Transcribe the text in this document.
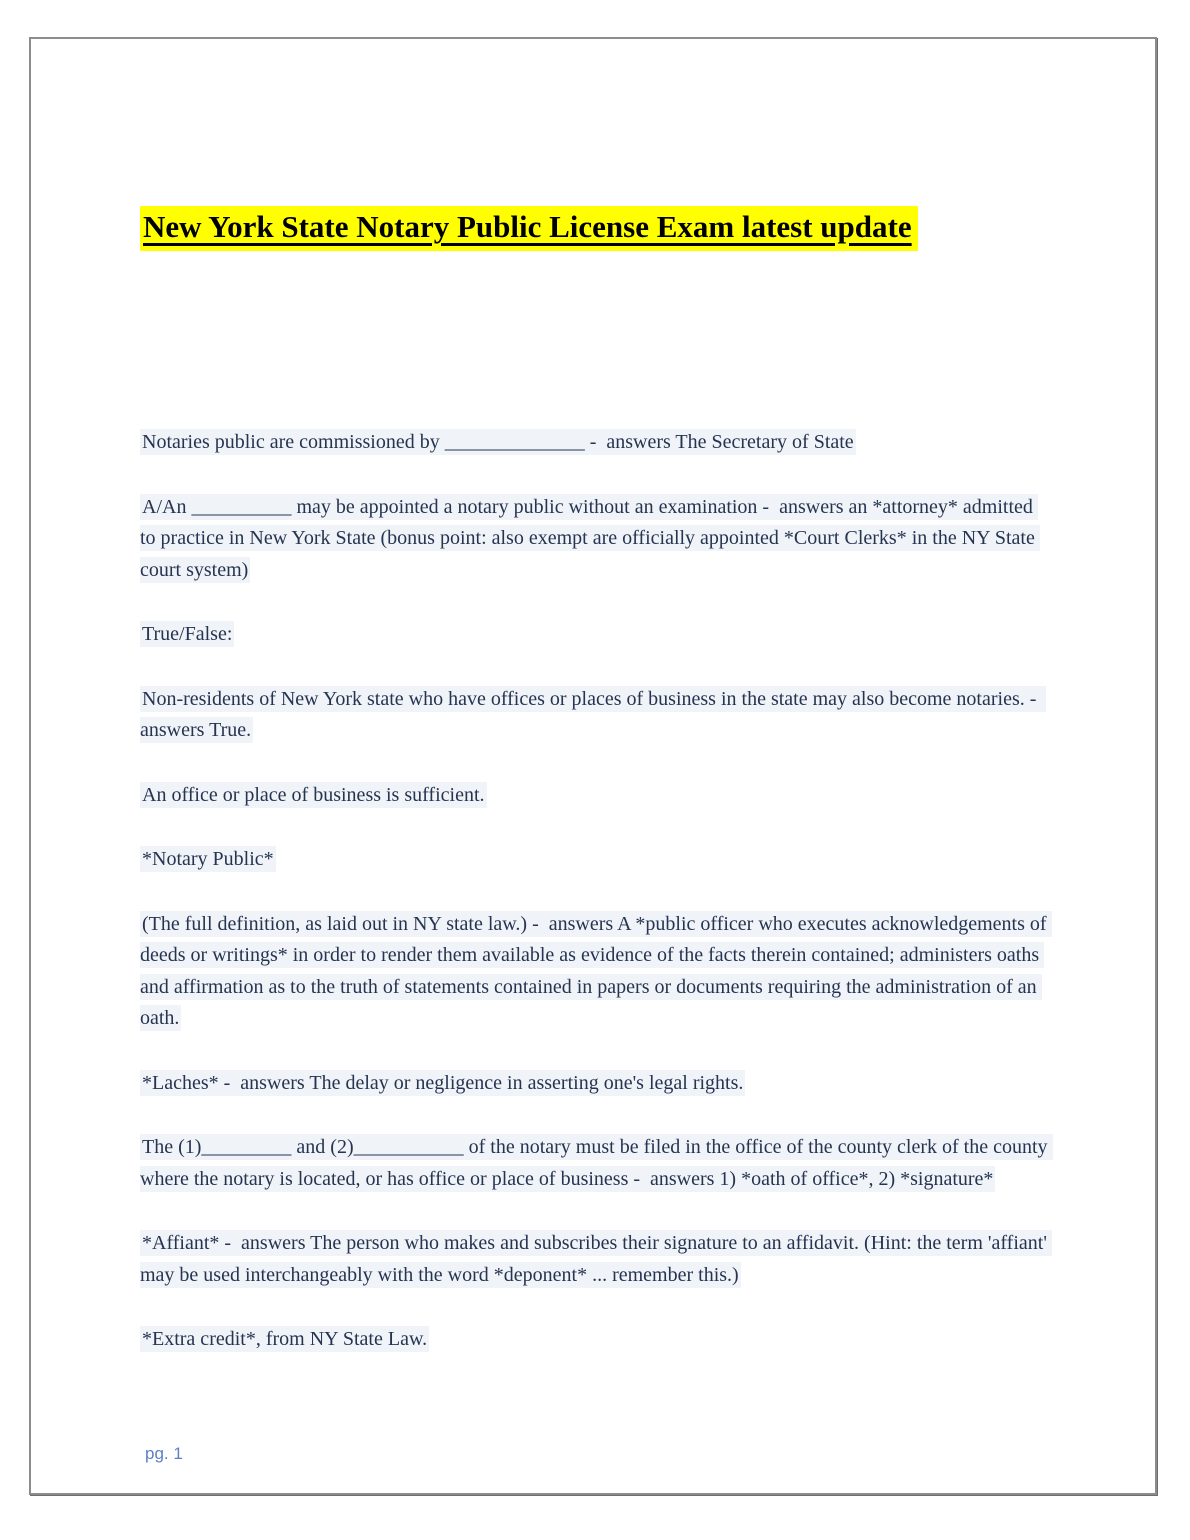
New York State Notary Public License Exam latest update

Notaries public are commissioned by ______________ -  answers The Secretary of State

A/An __________ may be appointed a notary public without an examination -  answers an *attorney* admitted to practice in New York State (bonus point: also exempt are officially appointed *Court Clerks* in the NY State court system)

True/False:

Non-residents of New York state who have offices or places of business in the state may also become notaries. -  answers True.

An office or place of business is sufficient.

*Notary Public*

(The full definition, as laid out in NY state law.) -  answers A *public officer who executes acknowledgements of deeds or writings* in order to render them available as evidence of the facts therein contained; administers oaths and affirmation as to the truth of statements contained in papers or documents requiring the administration of an oath.

*Laches* -  answers The delay or negligence in asserting one's legal rights.

The (1)_________ and (2)___________ of the notary must be filed in the office of the county clerk of the county where the notary is located, or has office or place of business -  answers 1) *oath of office*, 2) *signature*

*Affiant* -  answers The person who makes and subscribes their signature to an affidavit. (Hint: the term 'affiant' may be used interchangeably with the word *deponent* ... remember this.)

*Extra credit*, from NY State Law.

pg. 1
